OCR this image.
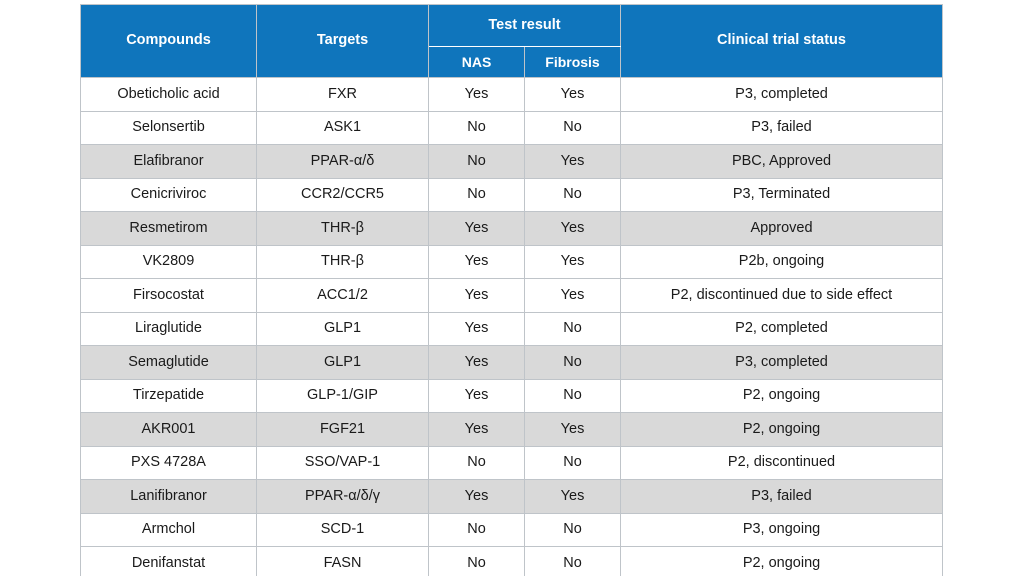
Compounds	Targets	Test result		Clinical trial status
		NAS	Fibrosis	
Obeticholic acid	FXR	Yes	Yes	P3, completed
Selonsertib	ASK1	No	No	P3, failed
Elafibranor	PPAR-α/δ	No	Yes	PBC, Approved
Cenicriviroc	CCR2/CCR5	No	No	P3, Terminated
Resmetirom	THR-β	Yes	Yes	Approved
VK2809	THR-β	Yes	Yes	P2b, ongoing
Firsocostat	ACC1/2	Yes	Yes	P2, discontinued due to side effect
Liraglutide	GLP1	Yes	No	P2, completed
Semaglutide	GLP1	Yes	No	P3, completed
Tirzepatide	GLP-1/GIP	Yes	No	P2, ongoing
AKR001	FGF21	Yes	Yes	P2, ongoing
PXS 4728A	SSO/VAP-1	No	No	P2, discontinued
Lanifibranor	PPAR-α/δ/γ	Yes	Yes	P3, failed
Armchol	SCD-1	No	No	P3, ongoing
Denifanstat	FASN	No	No	P2, ongoing
